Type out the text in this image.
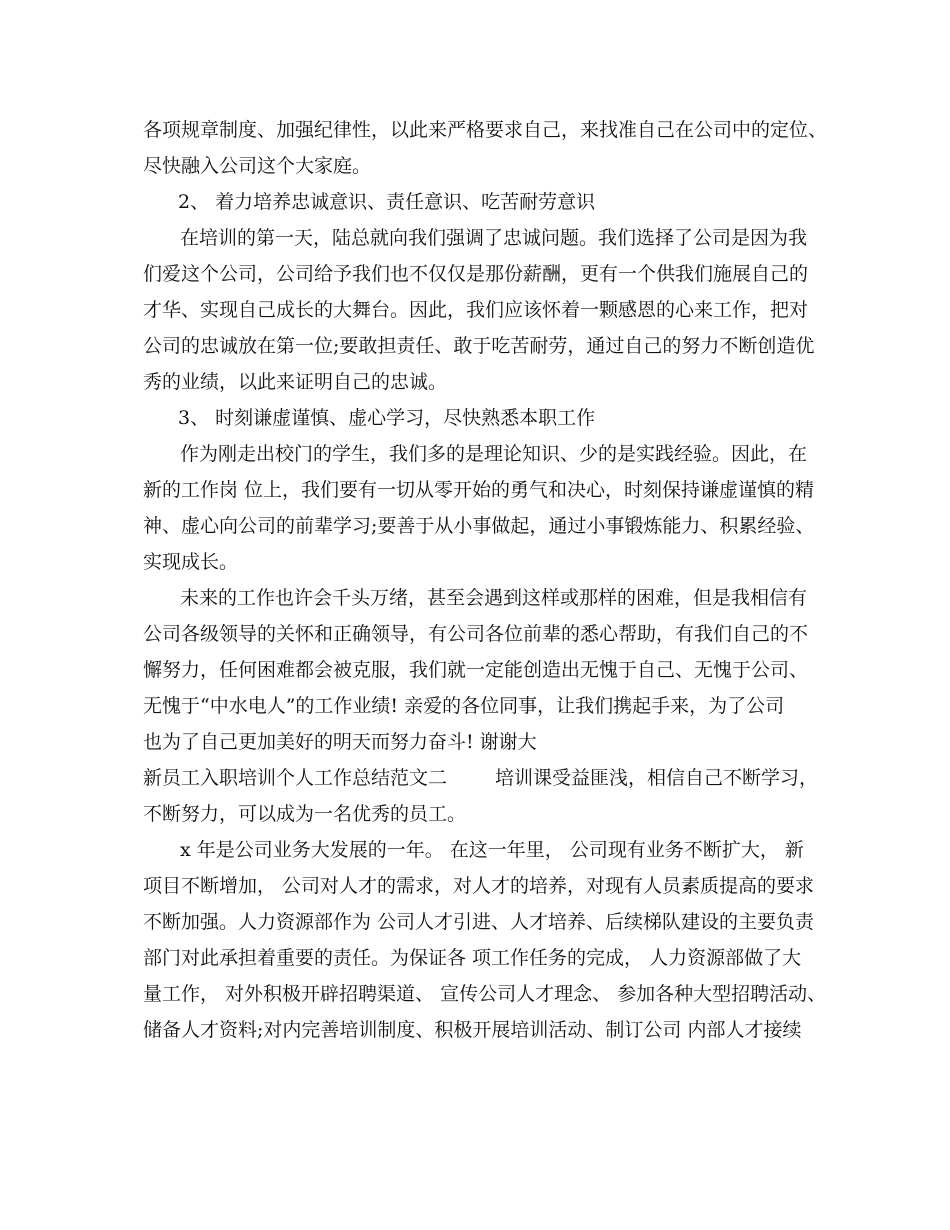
各项规章制度、加强纪律性，以此来严格要求自己，来找准自己在公司中的定位、
尽快融入公司这个大家庭。
2、 着力培养忠诚意识、责任意识、吃苦耐劳意识
在培训的第一天，陆总就向我们强调了忠诚问题。我们选择了公司是因为我
们爱这个公司，公司给予我们也不仅仅是那份薪酬，更有一个供我们施展自己的
才华、实现自己成长的大舞台。因此，我们应该怀着一颗感恩的心来工作，把对
公司的忠诚放在第一位;要敢担责任、敢于吃苦耐劳，通过自己的努力不断创造优
秀的业绩，以此来证明自己的忠诚。
3、 时刻谦虚谨慎、虚心学习，尽快熟悉本职工作
作为刚走出校门的学生，我们多的是理论知识、少的是实践经验。因此，在
新的工作岗 位上，我们要有一切从零开始的勇气和决心，时刻保持谦虚谨慎的精
神、虚心向公司的前辈学习;要善于从小事做起，通过小事锻炼能力、积累经验、
实现成长。
未来的工作也许会千头万绪，甚至会遇到这样或那样的困难，但是我相信有
公司各级领导的关怀和正确领导，有公司各位前辈的悉心帮助，有我们自己的不
懈努力，任何困难都会被克服，我们就一定能创造出无愧于自己、无愧于公司、
无愧于“中水电人”的工作业绩! 亲爱的各位同事，让我们携起手来，为了公司
也为了自己更加美好的明天而努力奋斗! 谢谢大
新员工入职培训个人工作总结范文二	培训课受益匪浅，相信自己不断学习，
不断努力，可以成为一名优秀的员工。
x 年是公司业务大发展的一年。 在这一年里， 公司现有业务不断扩大， 新
项目不断增加， 公司对人才的需求，对人才的培养，对现有人员素质提高的要求
不断加强。人力资源部作为 公司人才引进、人才培养、后续梯队建设的主要负责
部门对此承担着重要的责任。为保证各 项工作任务的完成， 人力资源部做了大
量工作， 对外积极开辟招聘渠道、 宣传公司人才理念、 参加各种大型招聘活动、
储备人才资料;对内完善培训制度、积极开展培训活动、制订公司 内部人才接续
